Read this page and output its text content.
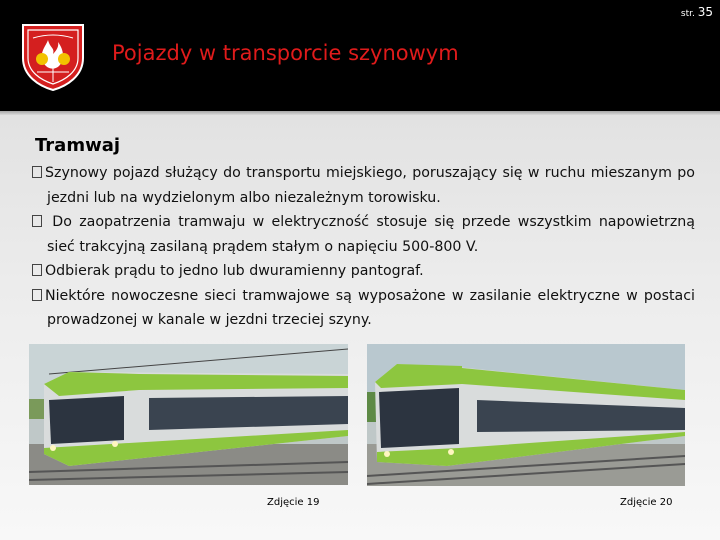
str. 35
Pojazdy w transporcie szynowym
Tramwaj
Szynowy pojazd służący do transportu miejskiego, poruszający się w ruchu mieszanym po jezdni lub na wydzielonym albo niezależnym torowisku.
Do zaopatrzenia tramwaju w elektryczność stosuje się przede wszystkim napowietrzną sieć trakcyjną zasilaną prądem stałym o napięciu 500-800 V.
Odbierak prądu to jedno lub dwuramienny pantograf.
Niektóre nowoczesne sieci tramwajowe są wyposażone w zasilanie elektryczne w postaci prowadzonej w kanale w jezdni trzeciej szyny.
Zdjęcie 19	Zdjęcie 20
